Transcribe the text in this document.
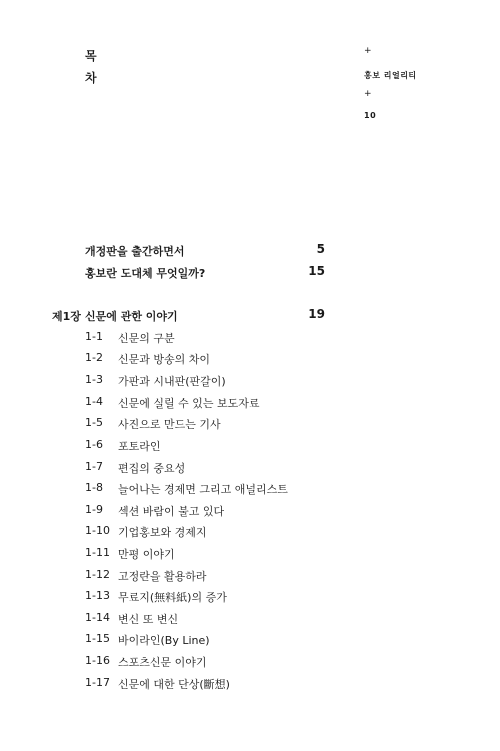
목
차
+
홍보 리얼리티
+
10
개정판을 출간하면서	5
홍보란 도대체 무엇일까?	15
제1장 신문에 관한 이야기	19
1-1 신문의 구분
1-2 신문과 방송의 차이
1-3 가판과 시내판(판갈이)
1-4 신문에 실릴 수 있는 보도자료
1-5 사진으로 만드는 기사
1-6 포토라인
1-7 편집의 중요성
1-8 늘어나는 경제면 그리고 애널리스트
1-9 섹션 바람이 불고 있다
1-10 기업홍보와 경제지
1-11 만평 이야기
1-12 고정란을 활용하라
1-13 무료지(無料紙)의 증가
1-14 변신 또 변신
1-15 바이라인(By Line)
1-16 스포츠신문 이야기
1-17 신문에 대한 단상(斷想)
